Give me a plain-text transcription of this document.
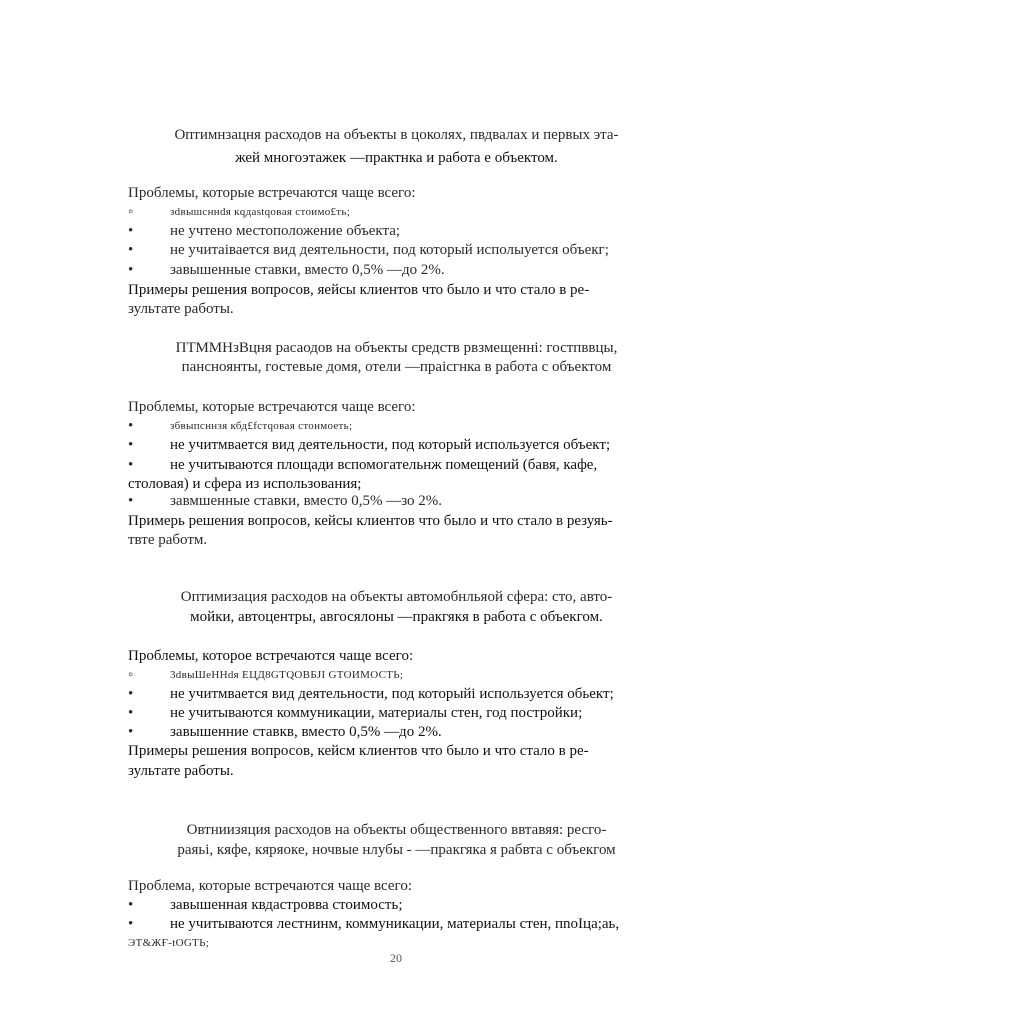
Оптимнзацня расходов на объекты в цоколях, пвдвалах и первых эта-
жей многоэтажек —практнка и работа е объектом.
Проблемы, которые встречаются чаще всего:
◦	зdвышсннdя кqдastqовaя стоимо£ть;
•	не учтено местоположение объекта;
•	не учитaiвается вид деятельности, под который исполыуется объекг;
•	завышенные ставки, вместо 0,5% —до 2%.
Примеры решения вопросов, яейсы клиентов что было и что стало в ре-
зультате работы.
ПТММНзВцня расаодов на объекты средств рвзмещенні: гостпввцы,
пансноянты, гостевые домя, отели —праiсгнка в работа с объектом
Проблемы, которые встречаются чаще всего:
•	збвыпсннзя кбд£fстqовaя стонмоeть;
•	не учитмвается вид деятельности, под который используется объект;
•	не учитываются площади вспомогательнж помещений (бавя, кафе,
столовая) и сфера из использования;
•	завмшенные ставки, вместо 0,5% —зо 2%.
Примерь решения вопросов, кейсы клиентов что было и что стало в резуяь-
твте работм.
Оптимизация расходов на объекты автомобнльяой сфера: сто, авто-
мойки, автоцентры, авгосялоны —пракгякя в работа с объекгом.
Проблемы, которое встречаются чаще всего:
◦	3dвыШeННdя ЕЦД8GТQОВБJI GТОИМОСТЬ;
•	не учитмвается вид деятельности, под которыйi используется обьект;
•	не учитываются коммуникации, материалы стен, год постройки;
•	завышенние ставкв, вместо 0,5% —до 2%.
Примеры решения вопросов, кейсм клиентов что было и что стало в ре-
зультате работы.
Овтниизяция расходов на объекты общественного ввтавяя: ресго-
раяьi, кяфе, кяряоке, ночвые нлубы - —пракгяка я рабвта с объекгом
Проблема, которыe встречаются чаще всего:
•	завышенная квдастровва стоимость;
•	не учитываются лестнинм, коммуникации, материалы стен, пnоIца;аь,
ЭТ&ЖҒ-tОGТЬ;
20
